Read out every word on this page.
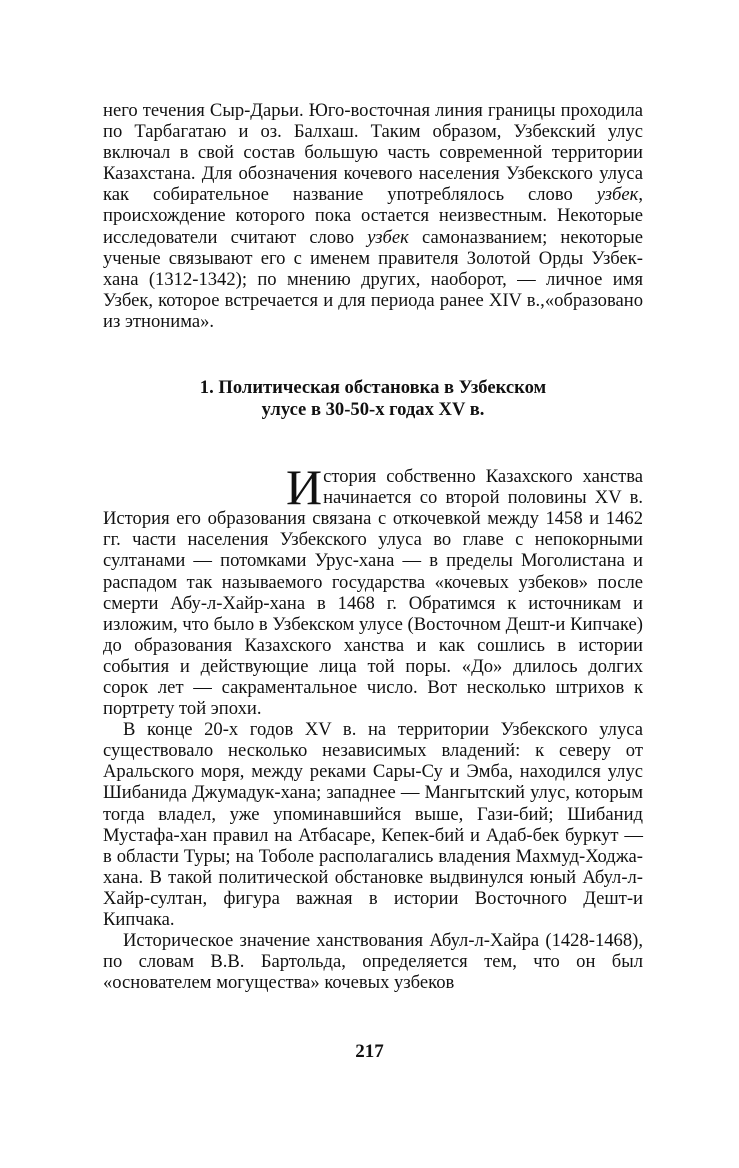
него течения Сыр-Дарьи. Юго-восточная линия границы проходила по Тарбагатаю и оз. Балхаш. Таким образом, Узбекский улус включал в свой состав большую часть современной территории Казахстана. Для обозначения кочевого населения Узбекского улуса как собирательное название употреблялось слово узбек, происхождение которого пока остается неизвестным. Некоторые исследователи считают слово узбек самоназванием; некоторые ученые связывают его с именем правителя Золотой Орды Узбек-хана (1312-1342); по мнению других, наоборот, — личное имя Узбек, которое встречается и для периода ранее XIV в.,«образовано из этнонима».

1. Политическая обстановка в Узбекском
улусе в 30-50-х годах XV в.

История собственно Казахского ханства начинается со второй половины XV в. История его образования связана с откочевкой между 1458 и 1462 гг. части населения Узбекского улуса во главе с непокорными султанами — потомками Урус-хана — в пределы Моголистана и распадом так называемого государства «кочевых узбеков» после смерти Абу-л-Хайр-хана в 1468 г. Обратимся к источникам и изложим, что было в Узбекском улусе (Восточном Дешт-и Кипчаке) до образования Казахского ханства и как сошлись в истории события и действующие лица той поры. «До» длилось долгих сорок лет — сакраментальное число. Вот несколько штрихов к портрету той эпохи.

В конце 20-х годов XV в. на территории Узбекского улуса существовало несколько независимых владений: к северу от Аральского моря, между реками Сары-Су и Эмба, находился улус Шибанида Джумадук-хана; западнее — Мангытский улус, которым тогда владел, уже упоминавшийся выше, Гази-бий; Шибанид Мустафа-хан правил на Атбасаре, Кепек-бий и Адаб-бек буркут — в области Туры; на Тоболе располагались владения Махмуд-Ходжа-хана. В такой политической обстановке выдвинулся юный Абул-л-Хайр-султан, фигура важная в истории Восточного Дешт-и Кипчака.

Историческое значение ханствования Абул-л-Хайра (1428-1468), по словам В.В. Бартольда, определяется тем, что он был «основателем могущества» кочевых узбеков

217
